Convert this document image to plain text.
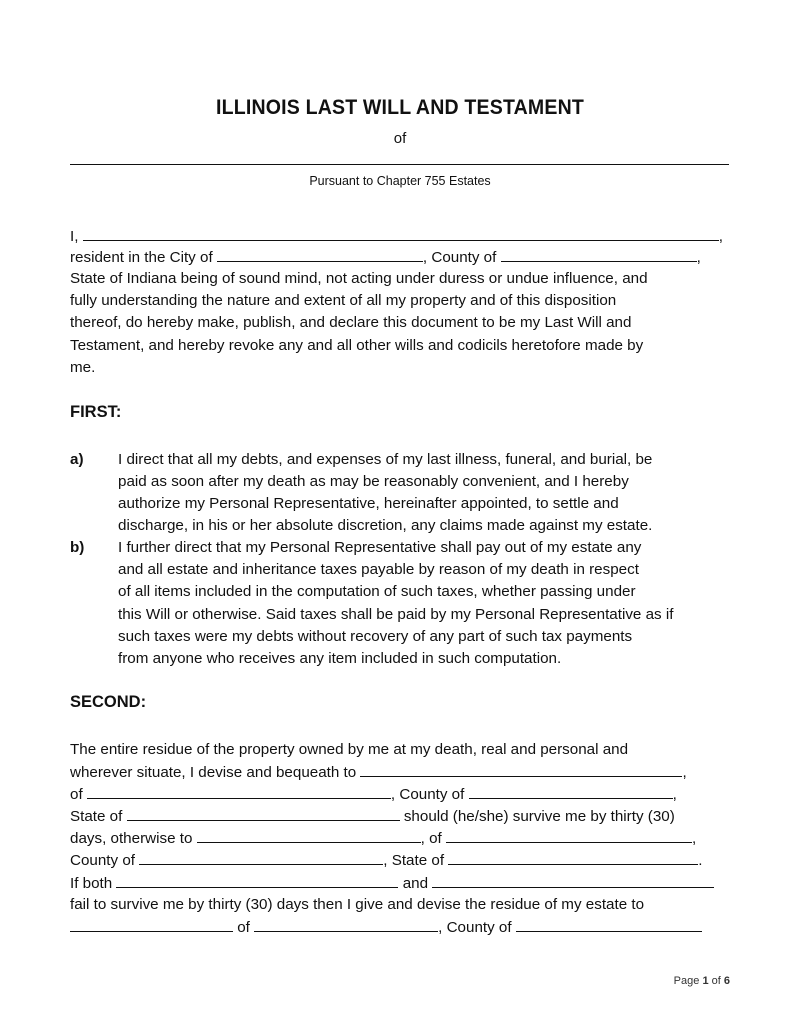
ILLINOIS LAST WILL AND TESTAMENT
of
Pursuant to Chapter 755 Estates
I,	,
resident in the City of	, County of	,
State of Indiana being of sound mind, not acting under duress or undue influence, and
fully understanding the nature and extent of all my property and of this disposition
thereof, do hereby make, publish, and declare this document to be my Last Will and
Testament, and hereby revoke any and all other wills and codicils heretofore made by
me.
FIRST:
a) I direct that all my debts, and expenses of my last illness, funeral, and burial, be
paid as soon after my death as may be reasonably convenient, and I hereby
authorize my Personal Representative, hereinafter appointed, to settle and
discharge, in his or her absolute discretion, any claims made against my estate.
b) I further direct that my Personal Representative shall pay out of my estate any
and all estate and inheritance taxes payable by reason of my death in respect
of all items included in the computation of such taxes, whether passing under
this Will or otherwise. Said taxes shall be paid by my Personal Representative as if
such taxes were my debts without recovery of any part of such tax payments
from anyone who receives any item included in such computation.
SECOND:
The entire residue of the property owned by me at my death, real and personal and
wherever situate, I devise and bequeath to	,
of	, County of	,
State of	should (he/she) survive me by thirty (30)
days, otherwise to	, of	,
County of	, State of	.
If both	and
fail to survive me by thirty (30) days then I give and devise the residue of my estate to
of	, County of
Page 1 of 6
